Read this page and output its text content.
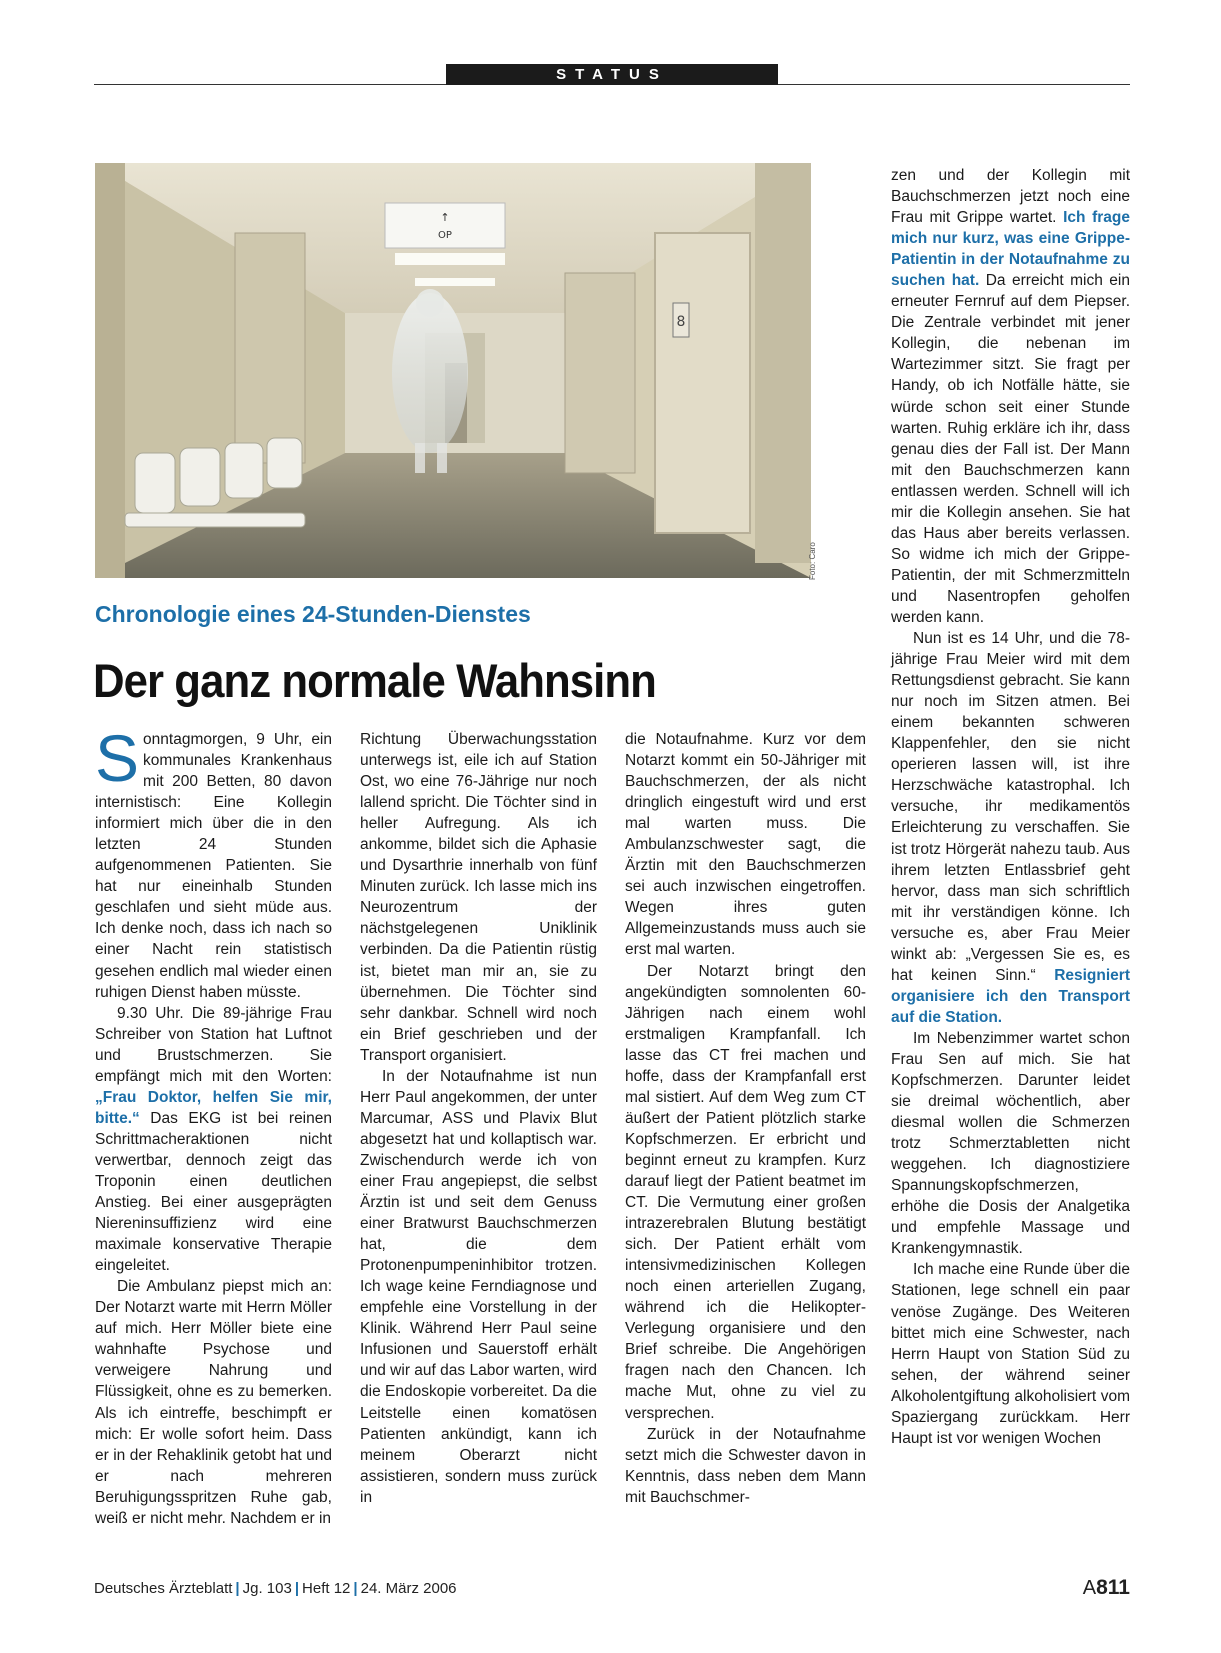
STATUS
↑
OP
8
Foto: Caro
Chronologie eines 24-Stunden-Dienstes
Der ganz normale Wahnsinn

Sonntagmorgen, 9 Uhr, ein kommunales Krankenhaus mit 200 Betten, 80 davon internistisch: Eine Kollegin informiert mich über die in den letzten 24 Stunden aufgenommenen Patienten. Sie hat nur eineinhalb Stunden geschlafen und sieht müde aus. Ich denke noch, dass ich nach so einer Nacht rein statistisch gesehen endlich mal wieder einen ruhigen Dienst haben müsste.

9.30 Uhr. Die 89-jährige Frau Schreiber von Station hat Luftnot und Brustschmerzen. Sie empfängt mich mit den Worten: „Frau Doktor, helfen Sie mir, bitte.“ Das EKG ist bei reinen Schrittmacheraktionen nicht verwertbar, dennoch zeigt das Troponin einen deutlichen Anstieg. Bei einer ausgeprägten Niereninsuffizienz wird eine maximale konservative Therapie eingeleitet.

Die Ambulanz piepst mich an: Der Notarzt warte mit Herrn Möller auf mich. Herr Möller biete eine wahnhafte Psychose und verweigere Nahrung und Flüssigkeit, ohne es zu bemerken. Als ich eintreffe, beschimpft er mich: Er wolle sofort heim. Dass er in der Rehaklinik getobt hat und er nach mehreren Beruhigungsspritzen Ruhe gab, weiß er nicht mehr. Nachdem er in

Richtung Überwachungsstation unterwegs ist, eile ich auf Station Ost, wo eine 76-Jährige nur noch lallend spricht. Die Töchter sind in heller Aufregung. Als ich ankomme, bildet sich die Aphasie und Dysarthrie innerhalb von fünf Minuten zurück. Ich lasse mich ins Neurozentrum der nächstgelegenen Uniklinik verbinden. Da die Patientin rüstig ist, bietet man mir an, sie zu übernehmen. Die Töchter sind sehr dankbar. Schnell wird noch ein Brief geschrieben und der Transport organisiert.

In der Notaufnahme ist nun Herr Paul angekommen, der unter Marcumar, ASS und Plavix Blut abgesetzt hat und kollaptisch war. Zwischendurch werde ich von einer Frau angepiepst, die selbst Ärztin ist und seit dem Genuss einer Bratwurst Bauchschmerzen hat, die dem Protonenpumpeninhibitor trotzen. Ich wage keine Ferndiagnose und empfehle eine Vorstellung in der Klinik. Während Herr Paul seine Infusionen und Sauerstoff erhält und wir auf das Labor warten, wird die Endoskopie vorbereitet. Da die Leitstelle einen komatösen Patienten ankündigt, kann ich meinem Oberarzt nicht assistieren, sondern muss zurück in

die Notaufnahme. Kurz vor dem Notarzt kommt ein 50-Jähriger mit Bauchschmerzen, der als nicht dringlich eingestuft wird und erst mal warten muss. Die Ambulanzschwester sagt, die Ärztin mit den Bauchschmerzen sei auch inzwischen eingetroffen. Wegen ihres guten Allgemeinzustands muss auch sie erst mal warten.

Der Notarzt bringt den angekündigten somnolenten 60-Jährigen nach einem wohl erstmaligen Krampfanfall. Ich lasse das CT frei machen und hoffe, dass der Krampfanfall erst mal sistiert. Auf dem Weg zum CT äußert der Patient plötzlich starke Kopfschmerzen. Er erbricht und beginnt erneut zu krampfen. Kurz darauf liegt der Patient beatmet im CT. Die Vermutung einer großen intrazerebralen Blutung bestätigt sich. Der Patient erhält vom intensivmedizinischen Kollegen noch einen arteriellen Zugang, während ich die Helikopter-Verlegung organisiere und den Brief schreibe. Die Angehörigen fragen nach den Chancen. Ich mache Mut, ohne zu viel zu versprechen.

Zurück in der Notaufnahme setzt mich die Schwester davon in Kenntnis, dass neben dem Mann mit Bauchschmer-

zen und der Kollegin mit Bauchschmerzen jetzt noch eine Frau mit Grippe wartet. Ich frage mich nur kurz, was eine Grippe-Patientin in der Notaufnahme zu suchen hat. Da erreicht mich ein erneuter Fernruf auf dem Piepser. Die Zentrale verbindet mit jener Kollegin, die nebenan im Wartezimmer sitzt. Sie fragt per Handy, ob ich Notfälle hätte, sie würde schon seit einer Stunde warten. Ruhig erkläre ich ihr, dass genau dies der Fall ist. Der Mann mit den Bauchschmerzen kann entlassen werden. Schnell will ich mir die Kollegin ansehen. Sie hat das Haus aber bereits verlassen. So widme ich mich der Grippe-Patientin, der mit Schmerzmitteln und Nasentropfen geholfen werden kann.

Nun ist es 14 Uhr, und die 78-jährige Frau Meier wird mit dem Rettungsdienst gebracht. Sie kann nur noch im Sitzen atmen. Bei einem bekannten schweren Klappenfehler, den sie nicht operieren lassen will, ist ihre Herzschwäche katastrophal. Ich versuche, ihr medikamentös Erleichterung zu verschaffen. Sie ist trotz Hörgerät nahezu taub. Aus ihrem letzten Entlassbrief geht hervor, dass man sich schriftlich mit ihr verständigen könne. Ich versuche es, aber Frau Meier winkt ab: „Vergessen Sie es, es hat keinen Sinn.“ Resigniert organisiere ich den Transport auf die Station.

Im Nebenzimmer wartet schon Frau Sen auf mich. Sie hat Kopfschmerzen. Darunter leidet sie dreimal wöchentlich, aber diesmal wollen die Schmerzen trotz Schmerztabletten nicht weggehen. Ich diagnostiziere Spannungskopfschmerzen, erhöhe die Dosis der Analgetika und empfehle Massage und Krankengymnastik.

Ich mache eine Runde über die Stationen, lege schnell ein paar venöse Zugänge. Des Weiteren bittet mich eine Schwester, nach Herrn Haupt von Station Süd zu sehen, der während seiner Alkoholentgiftung alkoholisiert vom Spaziergang zurückkam. Herr Haupt ist vor wenigen Wochen

Deutsches Ärzteblatt | Jg. 103 | Heft 12 | 24. März 2006	A811
